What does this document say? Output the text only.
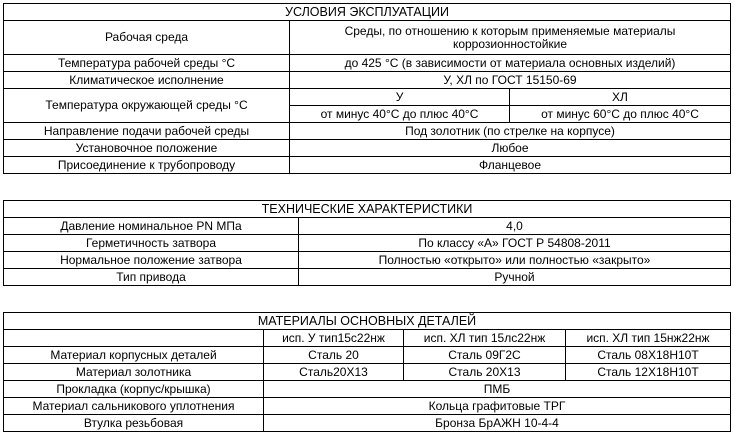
УСЛОВИЯ ЭКСПЛУАТАЦИИ		
Рабочая среда	Среды, по отношению к которым применяемые материалы коррозионностойкие	
Температура рабочей среды °С	до 425 °С (в зависимости от материала основных изделий)	
Климатическое исполнение	У, ХЛ по ГОСТ 15150-69	
Температура окружающей среды °С	У	ХЛ
	от минус 40°С до плюс 40°С	от минус 60°С до плюс 40°С
Направление подачи рабочей среды	Под золотник (по стрелке на корпусе)	
Установочное положение	Любое	
Присоединение к трубопроводу	Фланцевое	
ТЕХНИЧЕСКИЕ ХАРАКТЕРИСТИКИ	
Давление номинальное PN МПа	4,0
Герметичность затвора	По классу «А» ГОСТ Р 54808-2011
Нормальное положение затвора	Полностью «открыто» или полностью «закрыто»
Тип привода	Ручной
МАТЕРИАЛЫ ОСНОВНЫХ ДЕТАЛЕЙ			
	исп. У тип15с22нж	исп. ХЛ тип 15лс22нж	исп. ХЛ тип 15нж22нж
Материал корпусных деталей	Сталь 20	Сталь 09Г2С	Сталь 08Х18Н10Т
Материал золотника	Сталь20Х13	Сталь 20Х13	Сталь 12Х18Н10Т
Прокладка (корпус/крышка)	ПМБ		
Материал сальникового уплотнения	Кольца графитовые ТРГ		
Втулка резьбовая	Бронза БрАЖН 10-4-4		
